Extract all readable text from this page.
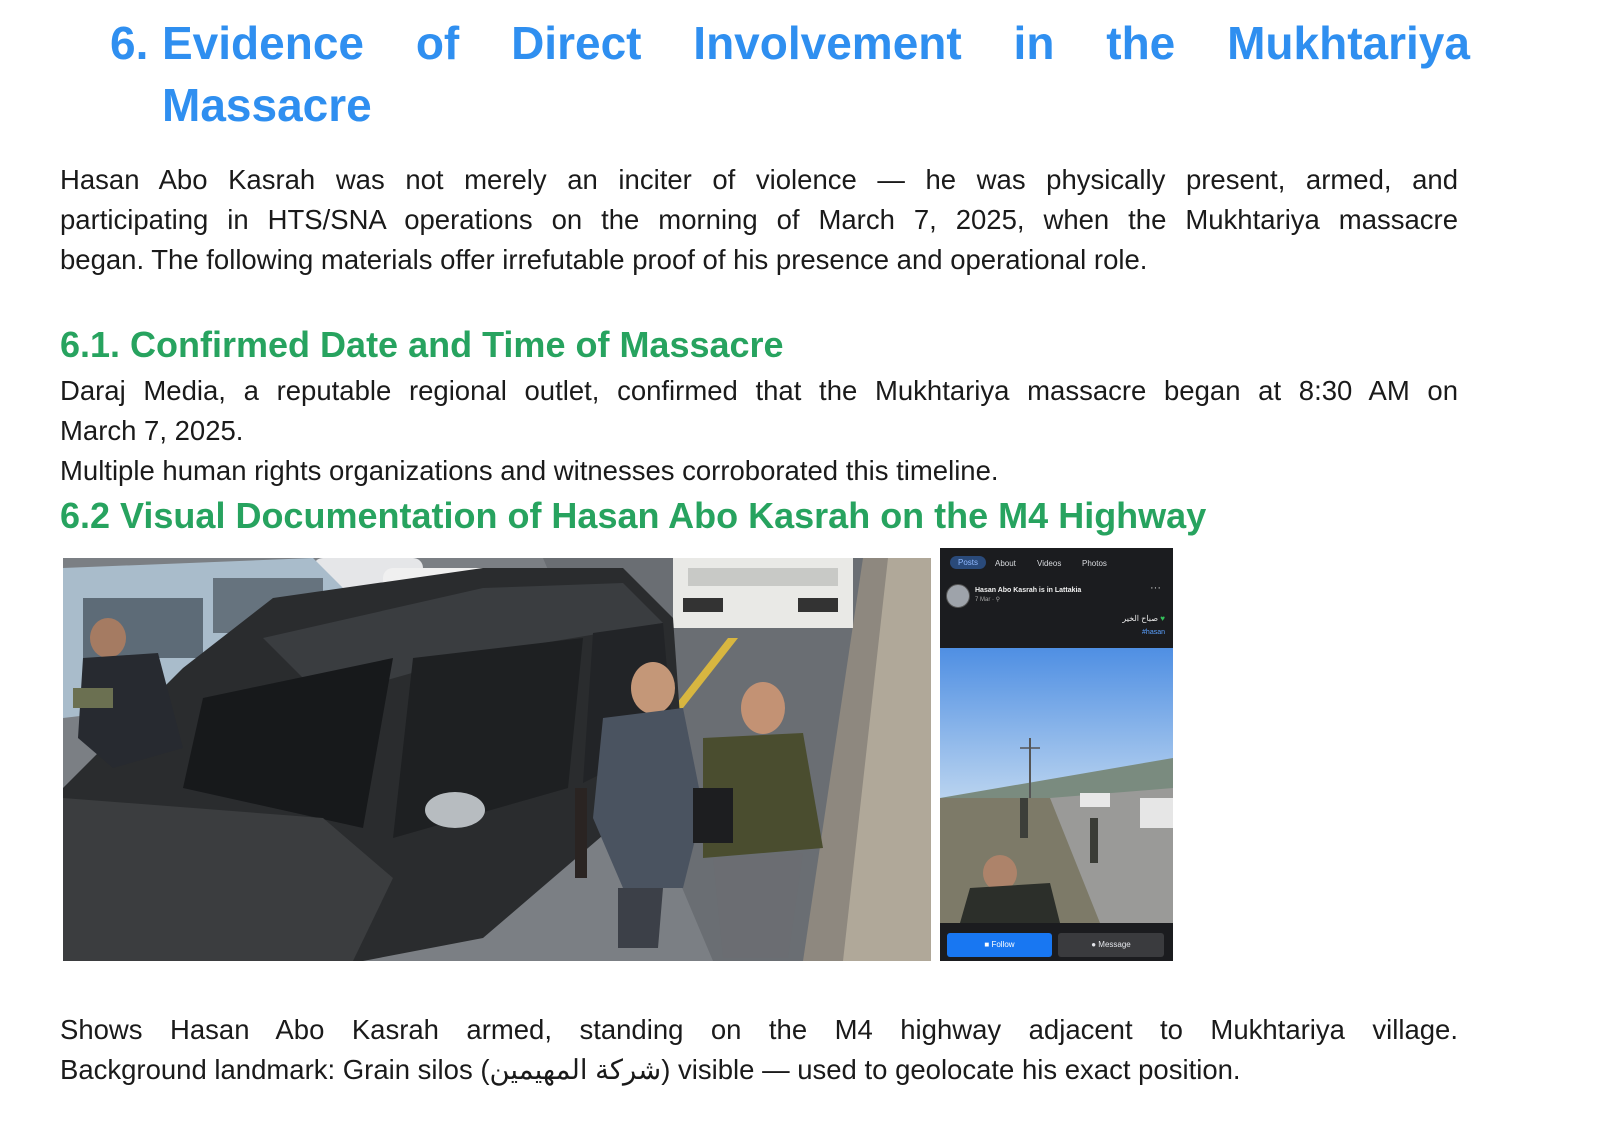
6. Evidence of Direct Involvement in the Mukhtariya
Massacre
Hasan Abo Kasrah was not merely an inciter of violence — he was physically present, armed, and
participating in HTS/SNA operations on the morning of March 7, 2025, when the Mukhtariya massacre
began. The following materials offer irrefutable proof of his presence and operational role.
6.1. Confirmed Date and Time of Massacre
Daraj Media, a reputable regional outlet, confirmed that the Mukhtariya massacre began at 8:30 AM on
March 7, 2025.
Multiple human rights organizations and witnesses corroborated this timeline.
6.2 Visual Documentation of Hasan Abo Kasrah on the M4 Highway
Posts	About	Videos	Photos
Hasan Abo Kasrah is in Lattakia
7 Mar · ⚲
···
♥ صباح الخير
#hasan
■ Follow	● Message
Shows Hasan Abo Kasrah armed, standing on the M4 highway adjacent to Mukhtariya village.
Background landmark: Grain silos (شركة المهيمين) visible — used to geolocate his exact position.
